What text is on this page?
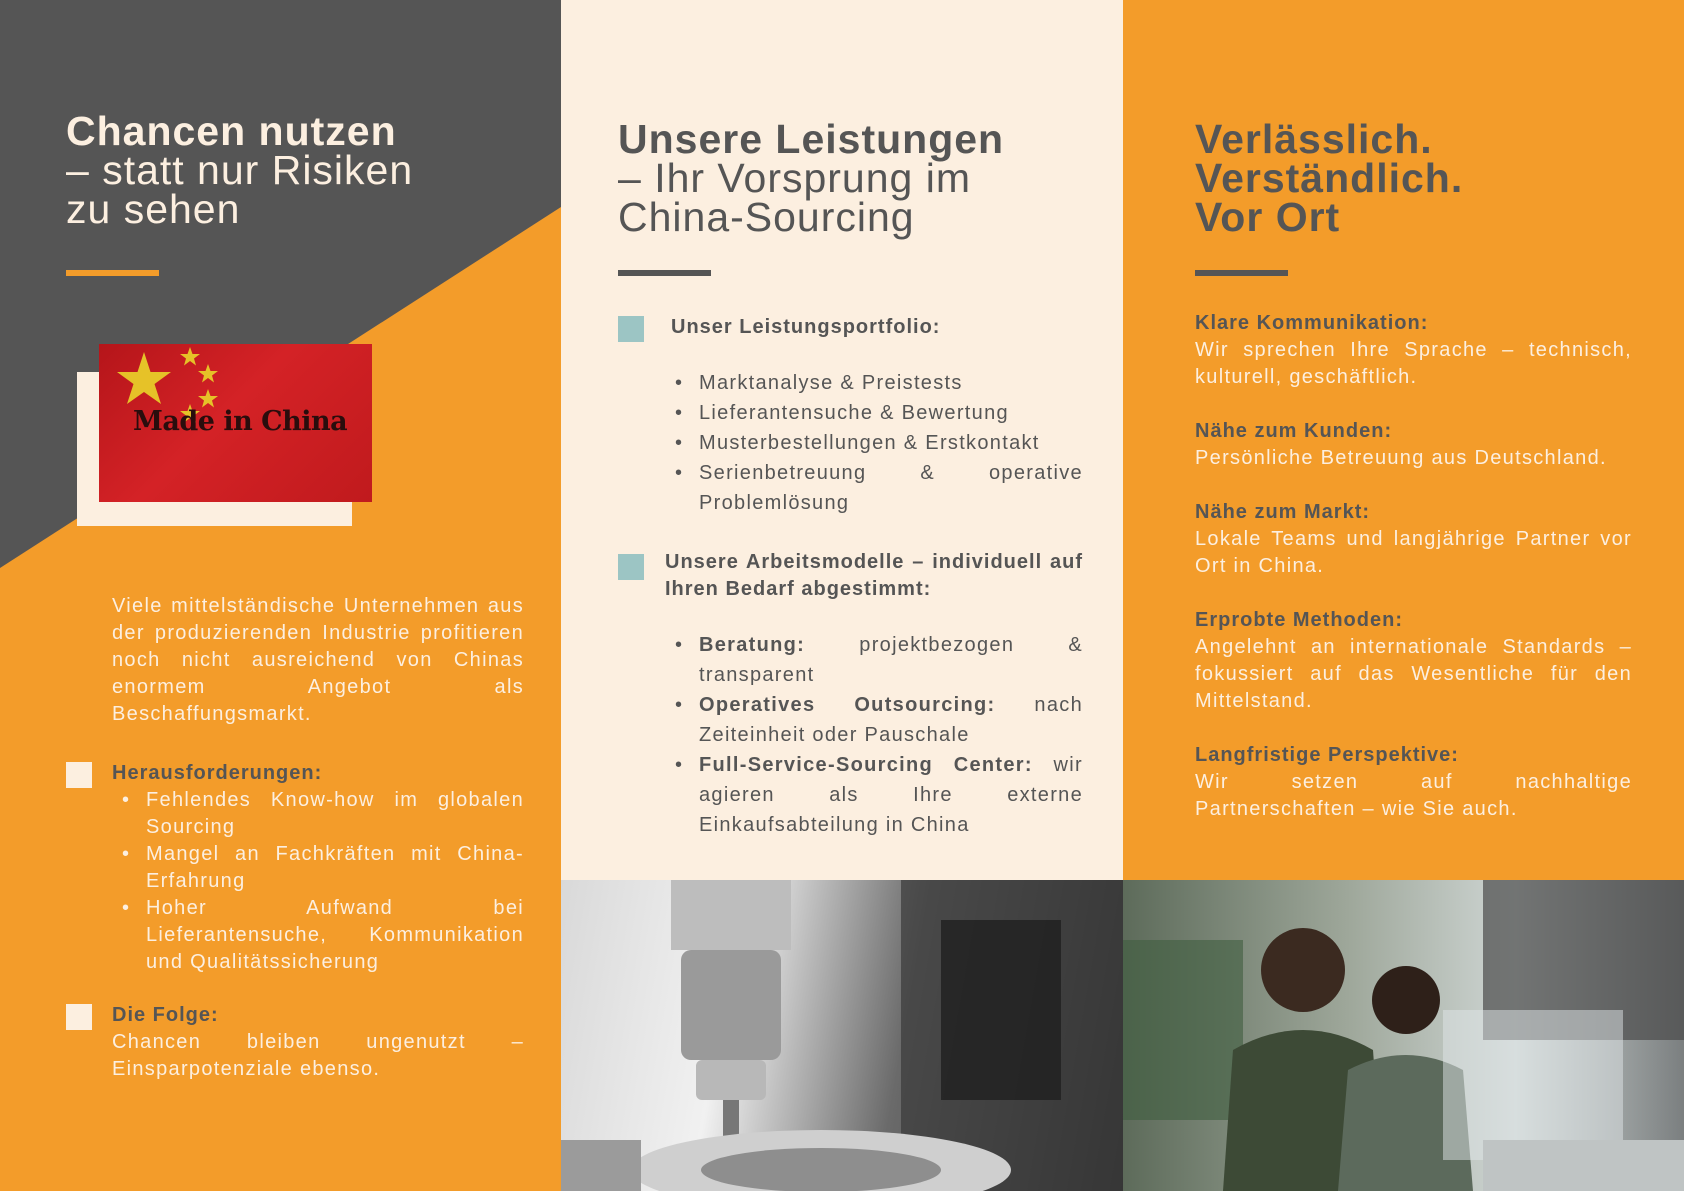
Chancen nutzen
– statt nur Risiken
zu sehen
Made in China
Viele mittelständische Unternehmen aus der produzierenden Industrie profitieren noch nicht ausreichend von Chinas enormem Angebot als Beschaffungsmarkt.
Herausforderungen:
• Fehlendes Know-how im globalen Sourcing
• Mangel an Fachkräften mit China-Erfahrung
• Hoher Aufwand bei Lieferantensuche, Kommunikation und Qualitätssicherung
Die Folge:
Chancen bleiben ungenutzt – Einsparpotenziale ebenso.
Unsere Leistungen
– Ihr Vorsprung im
China-Sourcing
Unser Leistungsportfolio:
• Marktanalyse & Preistests
• Lieferantensuche & Bewertung
• Musterbestellungen & Erstkontakt
• Serienbetreuung & operative Problemlösung
Unsere Arbeitsmodelle – individuell auf Ihren Bedarf abgestimmt:
• Beratung: projektbezogen & transparent
• Operatives Outsourcing: nach Zeiteinheit oder Pauschale
• Full-Service-Sourcing Center: wir agieren als Ihre externe Einkaufsabteilung in China
Verlässlich.
Verständlich.
Vor Ort
Klare Kommunikation:
Wir sprechen Ihre Sprache – technisch, kulturell, geschäftlich.
Nähe zum Kunden:
Persönliche Betreuung aus Deutschland.
Nähe zum Markt:
Lokale Teams und langjährige Partner vor Ort in China.
Erprobte Methoden:
Angelehnt an internationale Standards – fokussiert auf das Wesentliche für den Mittelstand.
Langfristige Perspektive:
Wir setzen auf nachhaltige Partnerschaften – wie Sie auch.
